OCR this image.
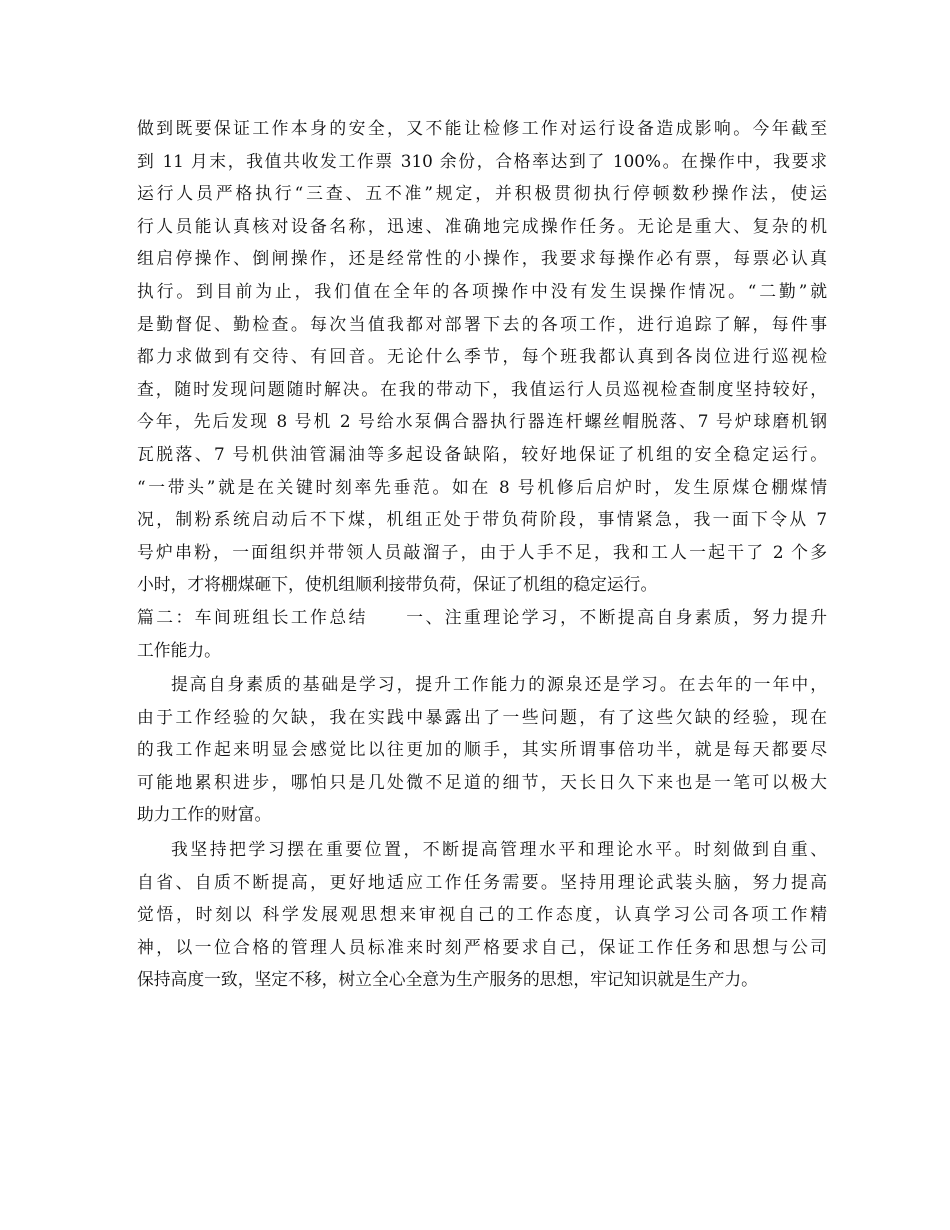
做到既要保证工作本身的安全，又不能让检修工作对运行设备造成影响。今年截至
到 11 月末，我值共收发工作票 310 余份，合格率达到了 100%。在操作中，我要求
运行人员严格执行“三查、五不准”规定，并积极贯彻执行停顿数秒操作法，使运
行人员能认真核对设备名称，迅速、准确地完成操作任务。无论是重大、复杂的机
组启停操作、倒闸操作，还是经常性的小操作，我要求每操作必有票，每票必认真
执行。到目前为止，我们值在全年的各项操作中没有发生误操作情况。“二勤”就
是勤督促、勤检查。每次当值我都对部署下去的各项工作，进行追踪了解，每件事
都力求做到有交待、有回音。无论什么季节，每个班我都认真到各岗位进行巡视检
查，随时发现问题随时解决。在我的带动下，我值运行人员巡视检查制度坚持较好，
今年，先后发现 8 号机 2 号给水泵偶合器执行器连杆螺丝帽脱落、7 号炉球磨机钢
瓦脱落、7 号机供油管漏油等多起设备缺陷，较好地保证了机组的安全稳定运行。
“一带头”就是在关键时刻率先垂范。如在 8 号机修后启炉时，发生原煤仓棚煤情
况，制粉系统启动后不下煤，机组正处于带负荷阶段，事情紧急，我一面下令从 7
号炉串粉，一面组织并带领人员敲溜子，由于人手不足，我和工人一起干了 2 个多
小时，才将棚煤砸下，使机组顺利接带负荷，保证了机组的稳定运行。
篇二：车间班组长工作总结　　一、注重理论学习，不断提高自身素质，努力提升
工作能力。
提高自身素质的基础是学习，提升工作能力的源泉还是学习。在去年的一年中，
由于工作经验的欠缺，我在实践中暴露出了一些问题，有了这些欠缺的经验，现在
的我工作起来明显会感觉比以往更加的顺手，其实所谓事倍功半，就是每天都要尽
可能地累积进步，哪怕只是几处微不足道的细节，天长日久下来也是一笔可以极大
助力工作的财富。
我坚持把学习摆在重要位置，不断提高管理水平和理论水平。时刻做到自重、
自省、自质不断提高，更好地适应工作任务需要。坚持用理论武装头脑，努力提高
觉悟，时刻以 科学发展观思想来审视自己的工作态度，认真学习公司各项工作精
神，以一位合格的管理人员标准来时刻严格要求自己，保证工作任务和思想与公司
保持高度一致，坚定不移，树立全心全意为生产服务的思想，牢记知识就是生产力。
